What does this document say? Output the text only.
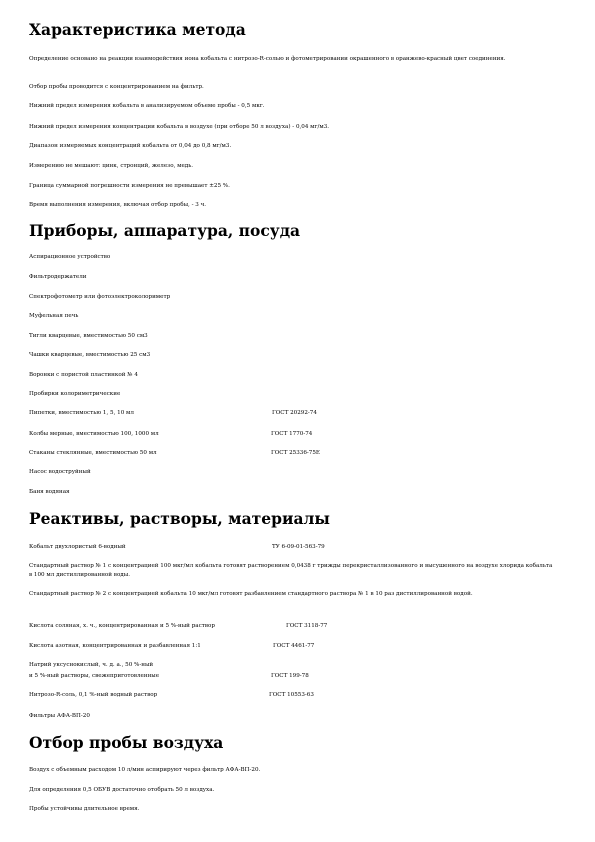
Характеристика метода

Определение основано на реакции взаимодействия иона кобальта с нитрозо-R-солью и фотометрировании окрашенного в оранжево-красный цвет соединения.

Отбор пробы проводится с концентрированием на фильтр.

Нижний предел измерения кобальта в анализируемом объеме пробы - 0,5 мкг.

Нижний предел измерения концентрации кобальта в воздухе (при отборе 50 л воздуха) - 0,04 мг/м3.

Диапазон измеряемых концентраций кобальта от 0,04 до 0,8 мг/м3.

Измерению не мешают: цинк, стронций, железо, медь.

Граница суммарной погрешности измерения не превышает ±25 %.

Время выполнения измерения, включая отбор пробы, - 3 ч.

Приборы, аппаратура, посуда

Аспирационное устройство

Фильтродержатели

Спектрофотометр или фотоэлектроколориметр

Муфельная печь

Тигли кварцевые, вместимостью 50 см3

Чашки кварцевые, вместимостью 25 см3

Воронки с пористой пластинкой № 4

Пробирки колориметрические

Пипетки, вместимостью 1, 5, 10 мл	ГОСТ 20292-74
Колбы мерные, вместимостью 100, 1000 мл	ГОСТ 1770-74
Стаканы стеклянные, вместимостью 50 мл	ГОСТ 25336-75Е

Насос водоструйный

Баня водяная

Реактивы, растворы, материалы
Кобальт двухлористый 6-водный	ТУ 6-09-01-563-79

Стандартный раствор № 1 с концентрацией 100 мкг/мл кобальта готовят растворением 0,0438 г трижды перекристаллизованного и высушенного на воздухе хлорида кобальта в 100 мл дистиллированной воды.

Стандартный раствор № 2 с концентрацией кобальта 10 мкг/мл готовят разбавлением стандартного раствора № 1 в 10 раз дистиллированной водой.

Кислота соляная, х. ч., концентрированная и 5 %-ный раствор	ГОСТ 3118-77
Кислота азотная, концентрированная и разбавленная 1:1	ГОСТ 4461-77

Натрий уксуснокислый, ч. д. а., 50 %-ный

и 5 %-ный растворы, свежеприготовленные	ГОСТ 199-78
Нитрозо-R-соль, 0,1 %-ный водный раствор	ГОСТ 10553-63

Фильтры АФА-ВП-20

Отбор пробы воздуха

Воздух с объемным расходом 10 л/мин аспирируют через фильтр АФА-ВП-20.

Для определения 0,5 ОБУВ достаточно отобрать 50 л воздуха.

Пробы устойчивы длительное время.
